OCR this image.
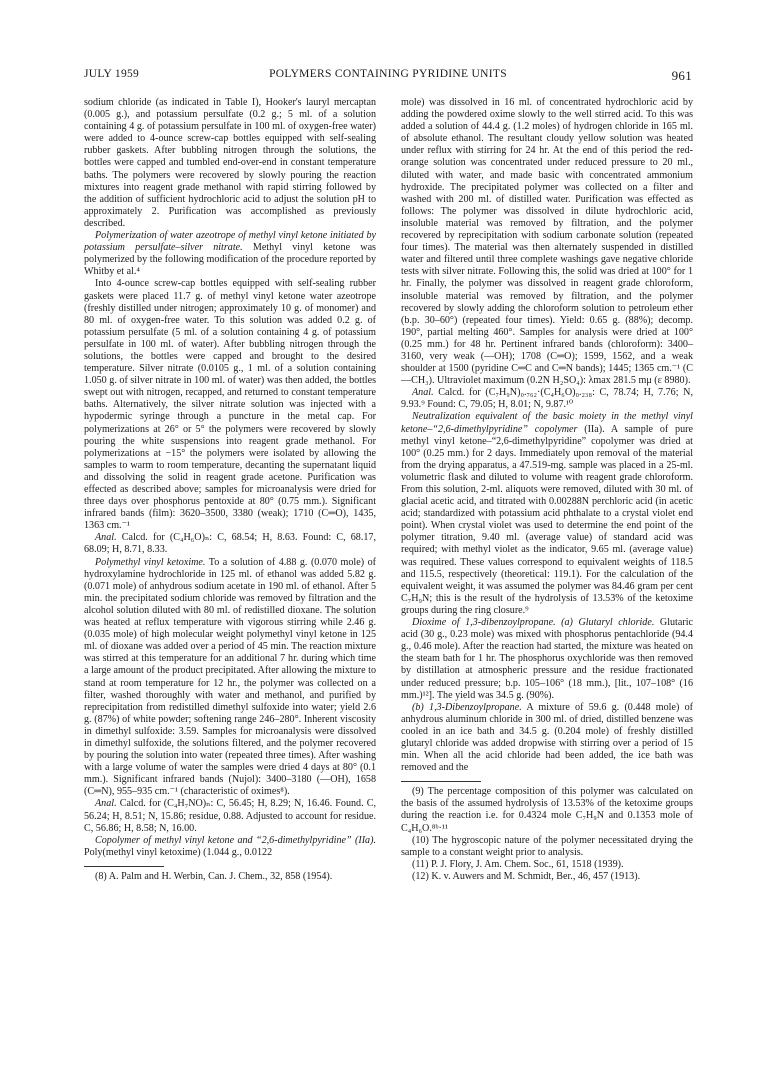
JULY 1959	POLYMERS CONTAINING PYRIDINE UNITS	961

sodium chloride (as indicated in Table I), Hooker's lauryl mercaptan (0.005 g.), and potassium persulfate (0.2 g.; 5 ml. of a solution containing 4 g. of potassium persulfate in 100 ml. of oxygen-free water) were added to 4-ounce screw-cap bottles equipped with self-sealing rubber gaskets. After bubbling nitrogen through the solutions, the bottles were capped and tumbled end-over-end in constant temperature baths. The polymers were recovered by slowly pouring the reaction mixtures into reagent grade methanol with rapid stirring followed by the addition of sufficient hydrochloric acid to adjust the solution pH to approximately 2. Purification was accomplished as previously described.

Polymerization of water azeotrope of methyl vinyl ketone initiated by potassium persulfate–silver nitrate. Methyl vinyl ketone was polymerized by the following modification of the procedure reported by Whitby et al.⁴

Into 4-ounce screw-cap bottles equipped with self-sealing rubber gaskets were placed 11.7 g. of methyl vinyl ketone water azeotrope (freshly distilled under nitrogen; approximately 10 g. of monomer) and 80 ml. of oxygen-free water. To this solution was added 0.2 g. of potassium persulfate (5 ml. of a solution containing 4 g. of potassium persulfate in 100 ml. of water). After bubbling nitrogen through the solutions, the bottles were capped and brought to the desired temperature. Silver nitrate (0.0105 g., 1 ml. of a solution containing 1.050 g. of silver nitrate in 100 ml. of water) was then added, the bottles swept out with nitrogen, recapped, and returned to constant temperature baths. Alternatively, the silver nitrate solution was injected with a hypodermic syringe through a puncture in the metal cap. For polymerizations at 26° or 5° the polymers were recovered by slowly pouring the white suspensions into reagent grade methanol. For polymerizations at −15° the polymers were isolated by allowing the samples to warm to room temperature, decanting the supernatant liquid and dissolving the solid in reagent grade acetone. Purification was effected as described above; samples for microanalysis were dried for three days over phosphorus pentoxide at 80° (0.75 mm.). Significant infrared bands (film): 3620–3500, 3380 (weak); 1710 (C═O), 1435, 1363 cm.⁻¹

Anal. Calcd. for (C₄H₆O)ₙ: C, 68.54; H, 8.63. Found: C, 68.17, 68.09; H, 8.71, 8.33.

Polymethyl vinyl ketoxime. To a solution of 4.88 g. (0.070 mole) of hydroxylamine hydrochloride in 125 ml. of ethanol was added 5.82 g. (0.071 mole) of anhydrous sodium acetate in 190 ml. of ethanol. After 5 min. the precipitated sodium chloride was removed by filtration and the alcohol solution diluted with 80 ml. of redistilled dioxane. The solution was heated at reflux temperature with vigorous stirring while 2.46 g. (0.035 mole) of high molecular weight polymethyl vinyl ketone in 125 ml. of dioxane was added over a period of 45 min. The reaction mixture was stirred at this temperature for an additional 7 hr. during which time a large amount of the product precipitated. After allowing the mixture to stand at room temperature for 12 hr., the polymer was collected on a filter, washed thoroughly with water and methanol, and purified by reprecipitation from redistilled dimethyl sulfoxide into water; yield 2.6 g. (87%) of white powder; softening range 246–280°. Inherent viscosity in dimethyl sulfoxide: 3.59. Samples for microanalysis were dissolved in dimethyl sulfoxide, the solutions filtered, and the polymer recovered by pouring the solution into water (repeated three times). After washing with a large volume of water the samples were dried 4 days at 80° (0.1 mm.). Significant infrared bands (Nujol): 3400–3180 (—OH), 1658 (C═N), 955–935 cm.⁻¹ (characteristic of oximes⁸).

Anal. Calcd. for (C₄H₇NO)ₙ: C, 56.45; H, 8.29; N, 16.46. Found. C, 56.24; H, 8.51; N, 15.86; residue, 0.88. Adjusted to account for residue. C, 56.86; H, 8.58; N, 16.00.

Copolymer of methyl vinyl ketone and “2,6-dimethylpyridine” (IIa). Poly(methyl vinyl ketoxime) (1.044 g., 0.0122

(8) A. Palm and H. Werbin, Can. J. Chem., 32, 858 (1954).

mole) was dissolved in 16 ml. of concentrated hydrochloric acid by adding the powdered oxime slowly to the well stirred acid. To this was added a solution of 44.4 g. (1.2 moles) of hydrogen chloride in 165 ml. of absolute ethanol. The resultant cloudy yellow solution was heated under reflux with stirring for 24 hr. At the end of this period the red-orange solution was concentrated under reduced pressure to 20 ml., diluted with water, and made basic with concentrated ammonium hydroxide. The precipitated polymer was collected on a filter and washed with 200 ml. of distilled water. Purification was effected as follows: The polymer was dissolved in dilute hydrochloric acid, insoluble material was removed by filtration, and the polymer recovered by reprecipitation with sodium carbonate solution (repeated four times). The material was then alternately suspended in distilled water and filtered until three complete washings gave negative chloride tests with silver nitrate. Following this, the solid was dried at 100° for 1 hr. Finally, the polymer was dissolved in reagent grade chloroform, insoluble material was removed by filtration, and the polymer recovered by slowly adding the chloroform solution to petroleum ether (b.p. 30–60°) (repeated four times). Yield: 0.65 g. (88%); decomp. 190°, partial melting 460°. Samples for analysis were dried at 100° (0.25 mm.) for 48 hr. Pertinent infrared bands (chloroform): 3400–3160, very weak (—OH); 1708 (C═O); 1599, 1562, and a weak shoulder at 1500 (pyridine C═C and C═N bands); 1445; 1365 cm.⁻¹ (C—CH₃). Ultraviolet maximum (0.2N H₂SO₄): λmax 281.5 mμ (ε 8980).

Anal. Calcd. for (C₇H₉N)₀.₇₆₂·(C₄H₆O)₀.₂₃₈: C, 78.74; H, 7.76; N, 9.93.⁹ Found: C, 79.05; H, 8.01; N, 9.87.¹⁰

Neutralization equivalent of the basic moiety in the methyl vinyl ketone–“2,6-dimethylpyridine” copolymer (IIa). A sample of pure methyl vinyl ketone–“2,6-dimethylpyridine” copolymer was dried at 100° (0.25 mm.) for 2 days. Immediately upon removal of the material from the drying apparatus, a 47.519-mg. sample was placed in a 25-ml. volumetric flask and diluted to volume with reagent grade chloroform. From this solution, 2-ml. aliquots were removed, diluted with 30 ml. of glacial acetic acid, and titrated with 0.00288N perchloric acid (in acetic acid; standardized with potassium acid phthalate to a crystal violet end point). When crystal violet was used to determine the end point of the polymer titration, 9.40 ml. (average value) of standard acid was required; with methyl violet as the indicator, 9.65 ml. (average value) was required. These values correspond to equivalent weights of 118.5 and 115.5, respectively (theoretical: 119.1). For the calculation of the equivalent weight, it was assumed the polymer was 84.46 gram per cent C₇H₉N; this is the result of the hydrolysis of 13.53% of the ketoxime groups during the ring closure.⁹

Dioxime of 1,3-dibenzoylpropane. (a) Glutaryl chloride. Glutaric acid (30 g., 0.23 mole) was mixed with phosphorus pentachloride (94.4 g., 0.46 mole). After the reaction had started, the mixture was heated on the steam bath for 1 hr. The phosphorus oxychloride was then removed by distillation at atmospheric pressure and the residue fractionated under reduced pressure; b.p. 105–106° (18 mm.), [lit., 107–108° (16 mm.)¹²]. The yield was 34.5 g. (90%).

(b) 1,3-Dibenzoylpropane. A mixture of 59.6 g. (0.448 mole) of anhydrous aluminum chloride in 300 ml. of dried, distilled benzene was cooled in an ice bath and 34.5 g. (0.204 mole) of freshly distilled glutaryl chloride was added dropwise with stirring over a period of 15 min. When all the acid chloride had been added, the ice bath was removed and the

(9) The percentage composition of this polymer was calculated on the basis of the assumed hydrolysis of 13.53% of the ketoxime groups during the reaction i.e. for 0.4324 mole C₇H₉N and 0.1353 mole of C₄H₆O.⁸ᵇ·¹¹

(10) The hygroscopic nature of the polymer necessitated drying the sample to a constant weight prior to analysis.

(11) P. J. Flory, J. Am. Chem. Soc., 61, 1518 (1939).

(12) K. v. Auwers and M. Schmidt, Ber., 46, 457 (1913).
